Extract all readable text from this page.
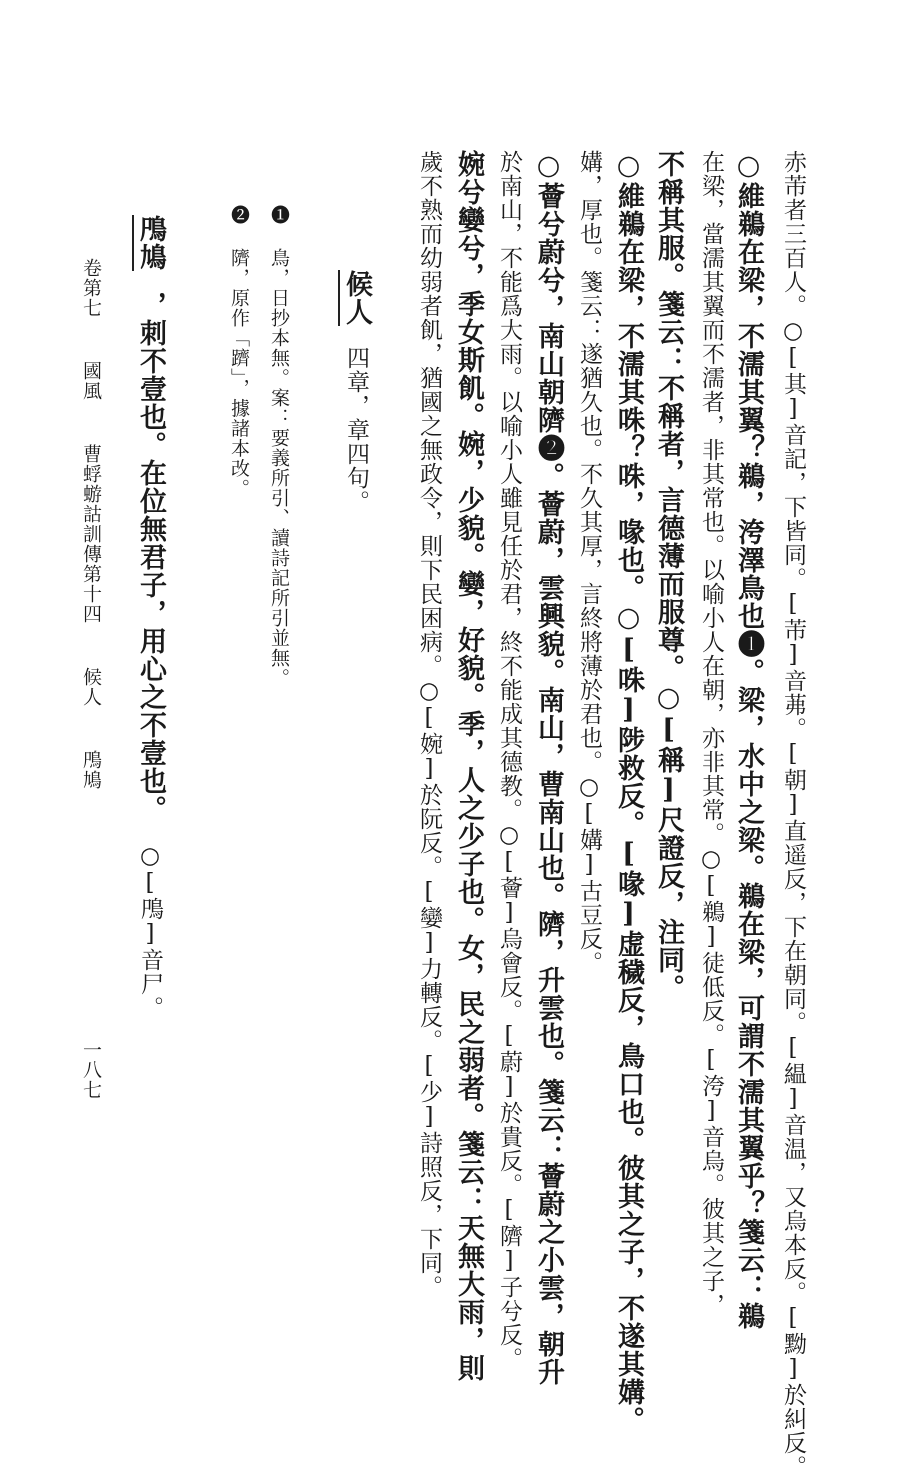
赤芾者三百人。○[其]音記，下皆同。[芾]音茀。[朝]直遥反，下在朝同。[緼]音温，又烏本反。[黝]於糾反。
○維鵜在梁，不濡其翼？鵜，洿澤鳥也❶。梁，水中之梁。鵜在梁，可謂不濡其翼乎？箋云：鵜
在梁，當濡其翼而不濡者，非其常也。以喻小人在朝，亦非其常。○[鵜]徒低反。[洿]音烏。彼其之子，
不稱其服。箋云：不稱者，言德薄而服尊。○[稱]尺證反，注同。
○維鵜在梁，不濡其咮？咮，喙也。○[咮]陟救反。[喙]虚穢反，鳥口也。彼其之子，不遂其媾。
媾，厚也。箋云：遂猶久也。不久其厚，言終將薄於君也。○[媾]古豆反。
○薈兮蔚兮，南山朝隮❷。薈蔚，雲興貌。南山，曹南山也。隮，升雲也。箋云：薈蔚之小雲，朝升
於南山，不能爲大雨。以喻小人雖見任於君，終不能成其德教。○[薈]烏會反。[蔚]於貴反。[隮]子兮反。
婉兮孌兮，季女斯飢。婉，少貌。孌，好貌。季，人之少子也。女，民之弱者。箋云：天無大雨，則
歲不熟而幼弱者飢，猶國之無政令，則下民困病。○[婉]於阮反。[孌]力轉反。[少]詩照反，下同。
候人 四章，章四句。
❶ 鳥，日抄本無。案：要義所引、讀詩記所引並無。
❷ 隮，原作「躋」，據諸本改。
鳲鳩 ，刺不壹也。在位無君子，用心之不壹也。 ○[鳲]音尸。
卷第七　 國風　 曹蜉蝣詁訓傳第十四　 候人　 鳲鳩
一八七
